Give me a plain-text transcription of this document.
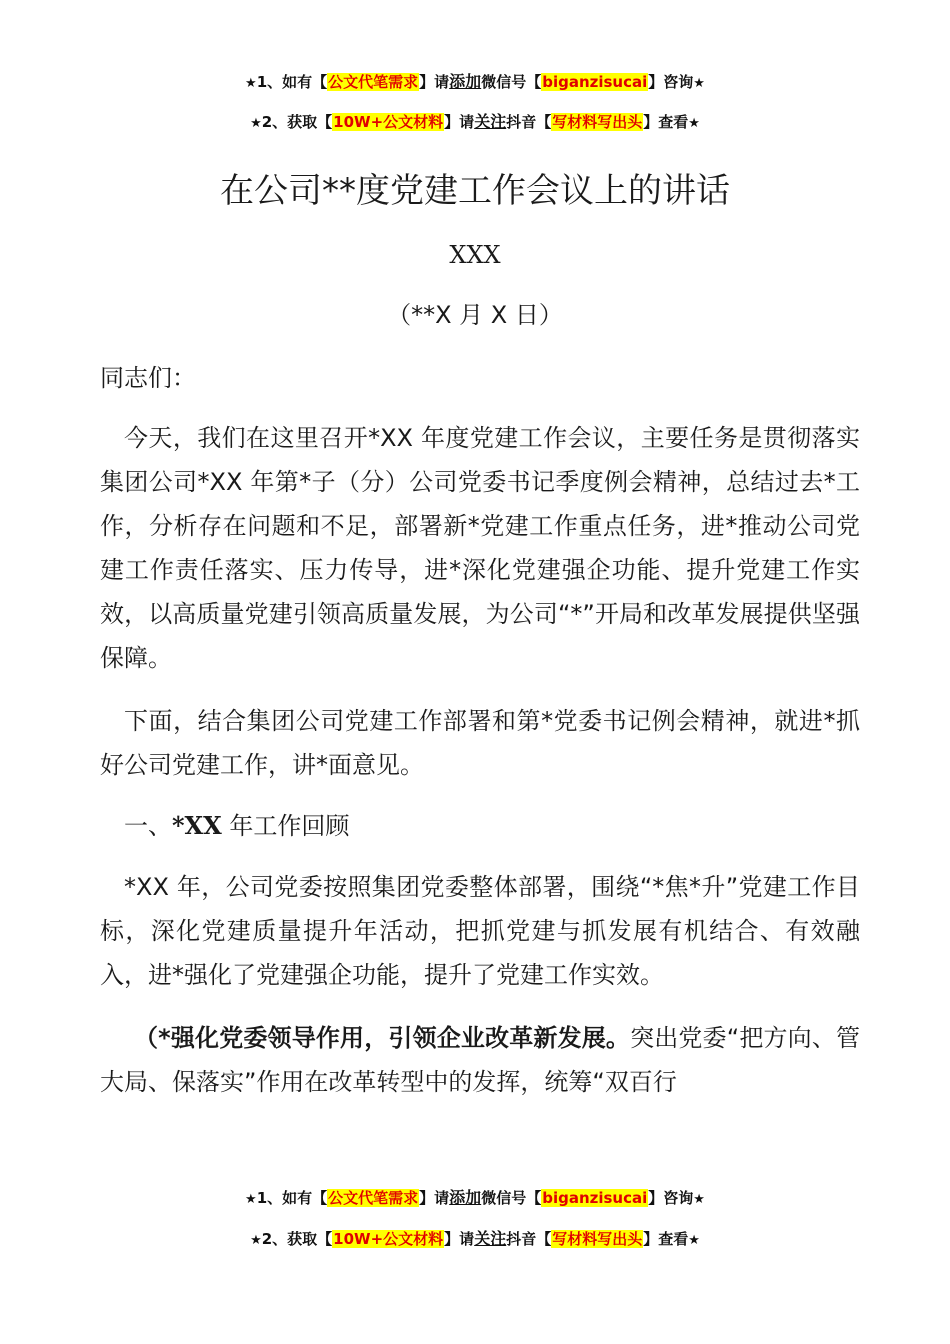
★1、如有【公文代笔需求】请添加微信号【biganzisucai】咨询★
★2、获取【10W+公文材料】请关注抖音【写材料写出头】查看★
在公司**度党建工作会议上的讲话
XXX
（**X 月 X 日）

同志们：

今天，我们在这里召开*XX 年度党建工作会议，主要任务是贯彻落实集团公司*XX 年第*子（分）公司党委书记季度例会精神，总结过去*工作，分析存在问题和不足，部署新*党建工作重点任务，进*推动公司党建工作责任落实、压力传导，进*深化党建强企功能、提升党建工作实效，以高质量党建引领高质量发展，为公司“*”开局和改革发展提供坚强保障。

下面，结合集团公司党建工作部署和第*党委书记例会精神，就进*抓好公司党建工作，讲*面意见。

一、*XX 年工作回顾

*XX 年，公司党委按照集团党委整体部署，围绕“*焦*升”党建工作目标，深化党建质量提升年活动，把抓党建与抓发展有机结合、有效融入，进*强化了党建强企功能，提升了党建工作实效。

（*强化党委领导作用，引领企业改革新发展。突出党委“把方向、管大局、保落实”作用在改革转型中的发挥，统筹“双百行

★1、如有【公文代笔需求】请添加微信号【biganzisucai】咨询★
★2、获取【10W+公文材料】请关注抖音【写材料写出头】查看★
